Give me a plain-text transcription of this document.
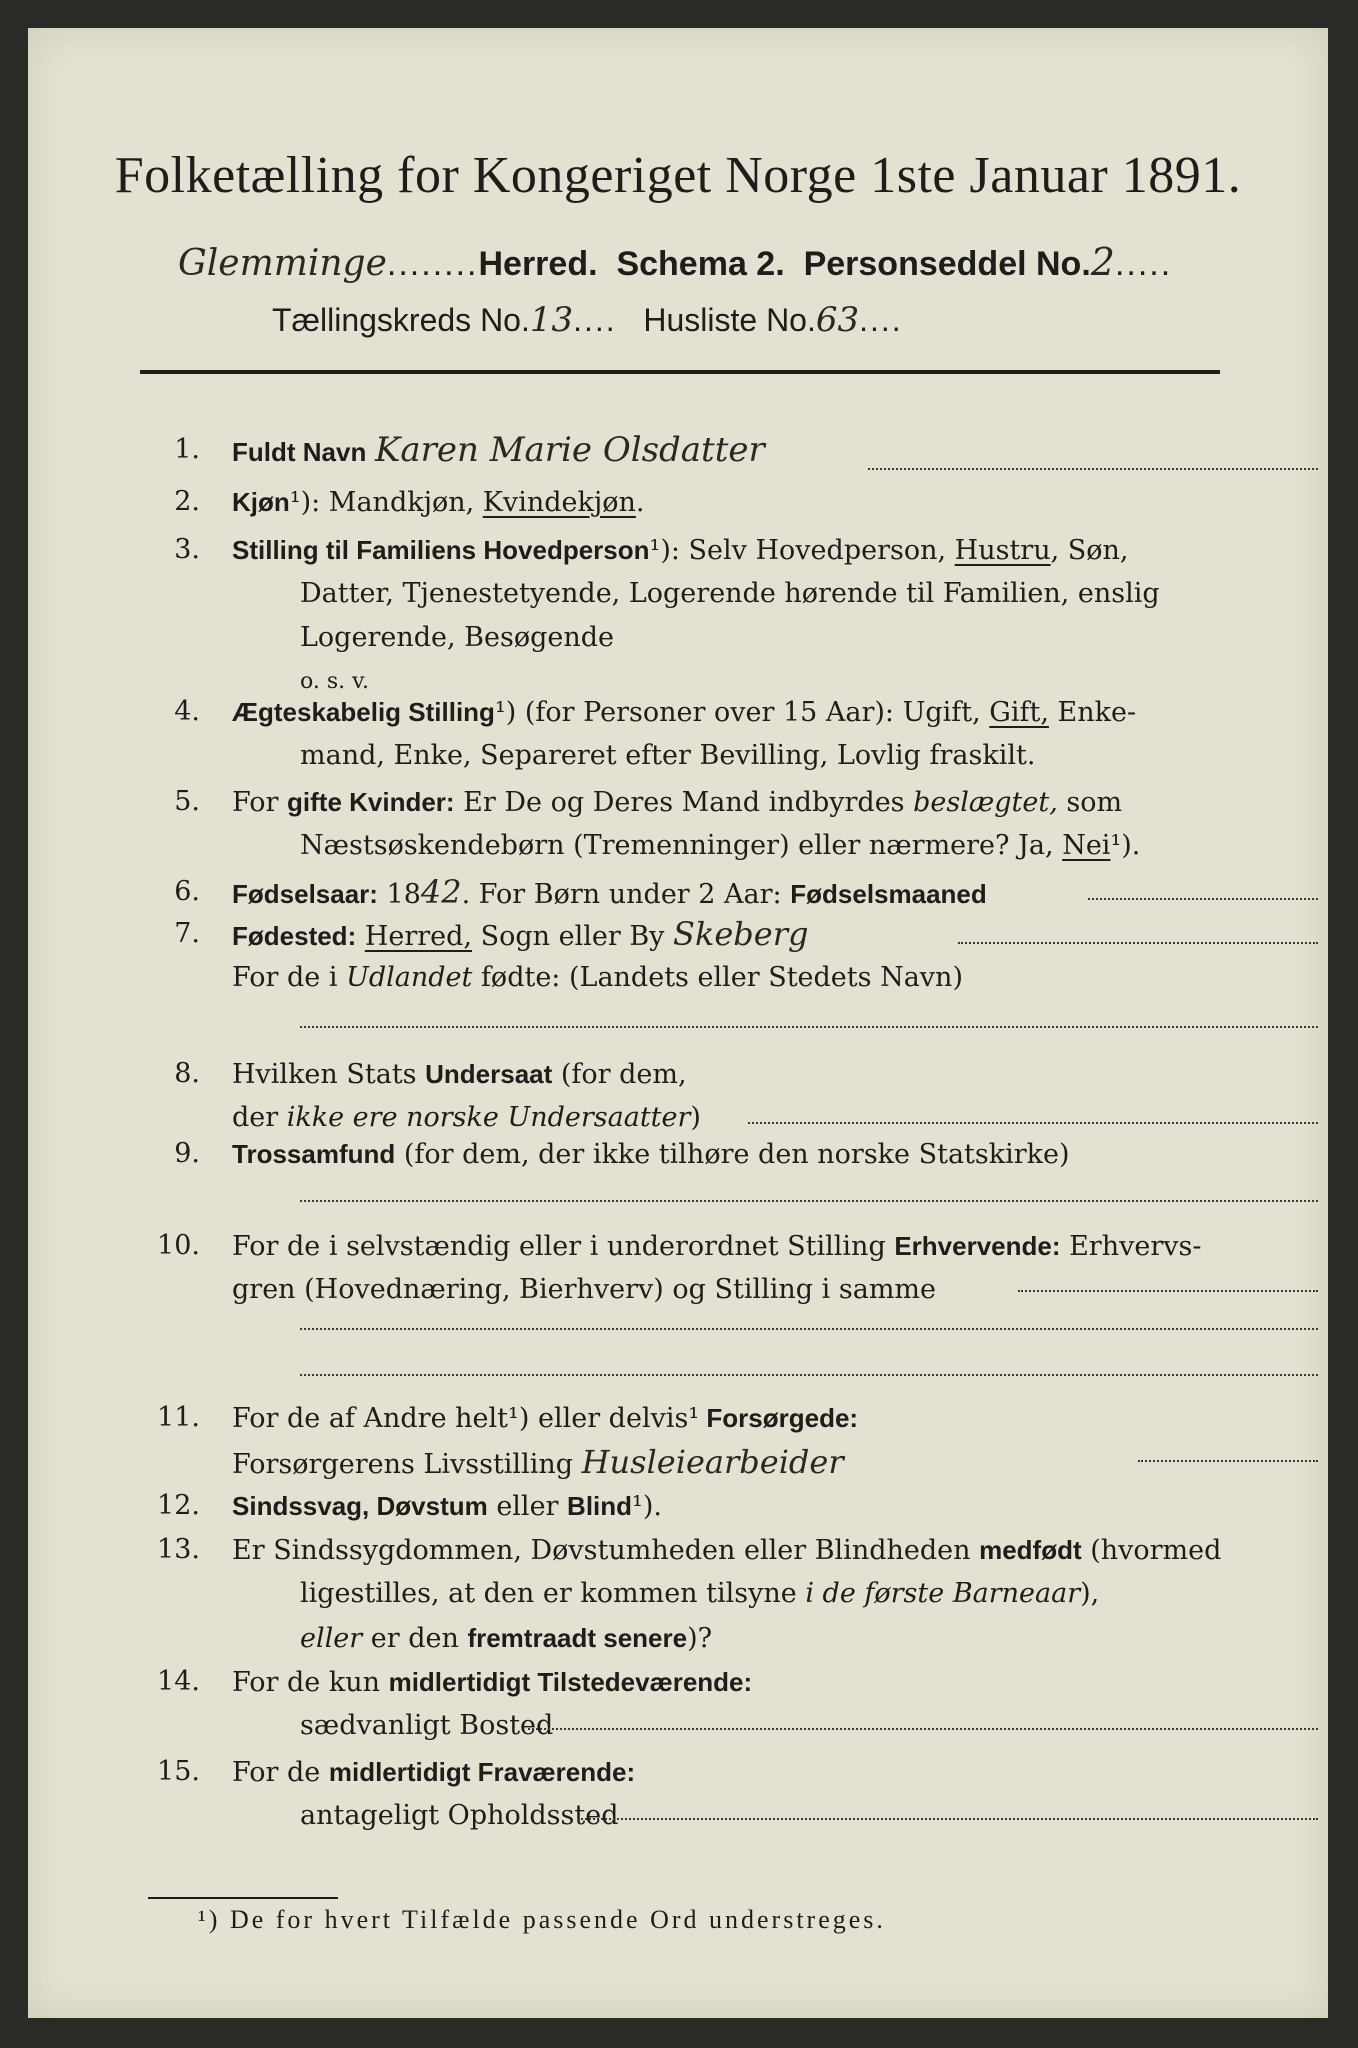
Folketælling for Kongeriget Norge 1ste Januar 1891.
Glemminge........Herred. Schema 2. Personseddel No.2.....
Tællingskreds No.13.... Husliste No.63....
1. Fuldt Navn Karen Marie Olsdatter
2. Kjøn¹): Mandkjøn, Kvindekjøn.
3. Stilling til Familiens Hovedperson¹): Selv Hovedperson, Hustru, Søn,
Datter, Tjenestetyende, Logerende hørende til Familien, enslig
Logerende, Besøgende
o. s. v.
4. Ægteskabelig Stilling¹) (for Personer over 15 Aar): Ugift, Gift, Enke-
mand, Enke, Separeret efter Bevilling, Lovlig fraskilt.
5. For gifte Kvinder: Er De og Deres Mand indbyrdes beslægtet, som
Næstsøskendebørn (Tremenninger) eller nærmere? Ja, Nei¹).
6. Fødselsaar: 1842. For Børn under 2 Aar: Fødselsmaaned
7. Fødested: Herred, Sogn eller By Skeberg
For de i Udlandet fødte: (Landets eller Stedets Navn)
8. Hvilken Stats Undersaat (for dem,
der ikke ere norske Undersaatter)
9. Trossamfund (for dem, der ikke tilhøre den norske Statskirke)
10. For de i selvstændig eller i underordnet Stilling Erhvervende: Erhvervs-
gren (Hovednæring, Bierhverv) og Stilling i samme
11. For de af Andre helt¹) eller delvis¹ Forsørgede:
Forsørgerens Livsstilling Husleiearbeider
12. Sindssvag, Døvstum eller Blind¹).
13. Er Sindssygdommen, Døvstumheden eller Blindheden medfødt (hvormed
ligestilles, at den er kommen tilsyne i de første Barneaar),
eller er den fremtraadt senere)?
14. For de kun midlertidigt Tilstedeværende:
sædvanligt Bosted
15. For de midlertidigt Fraværende:
antageligt Opholdssted
¹) De for hvert Tilfælde passende Ord understreges.
